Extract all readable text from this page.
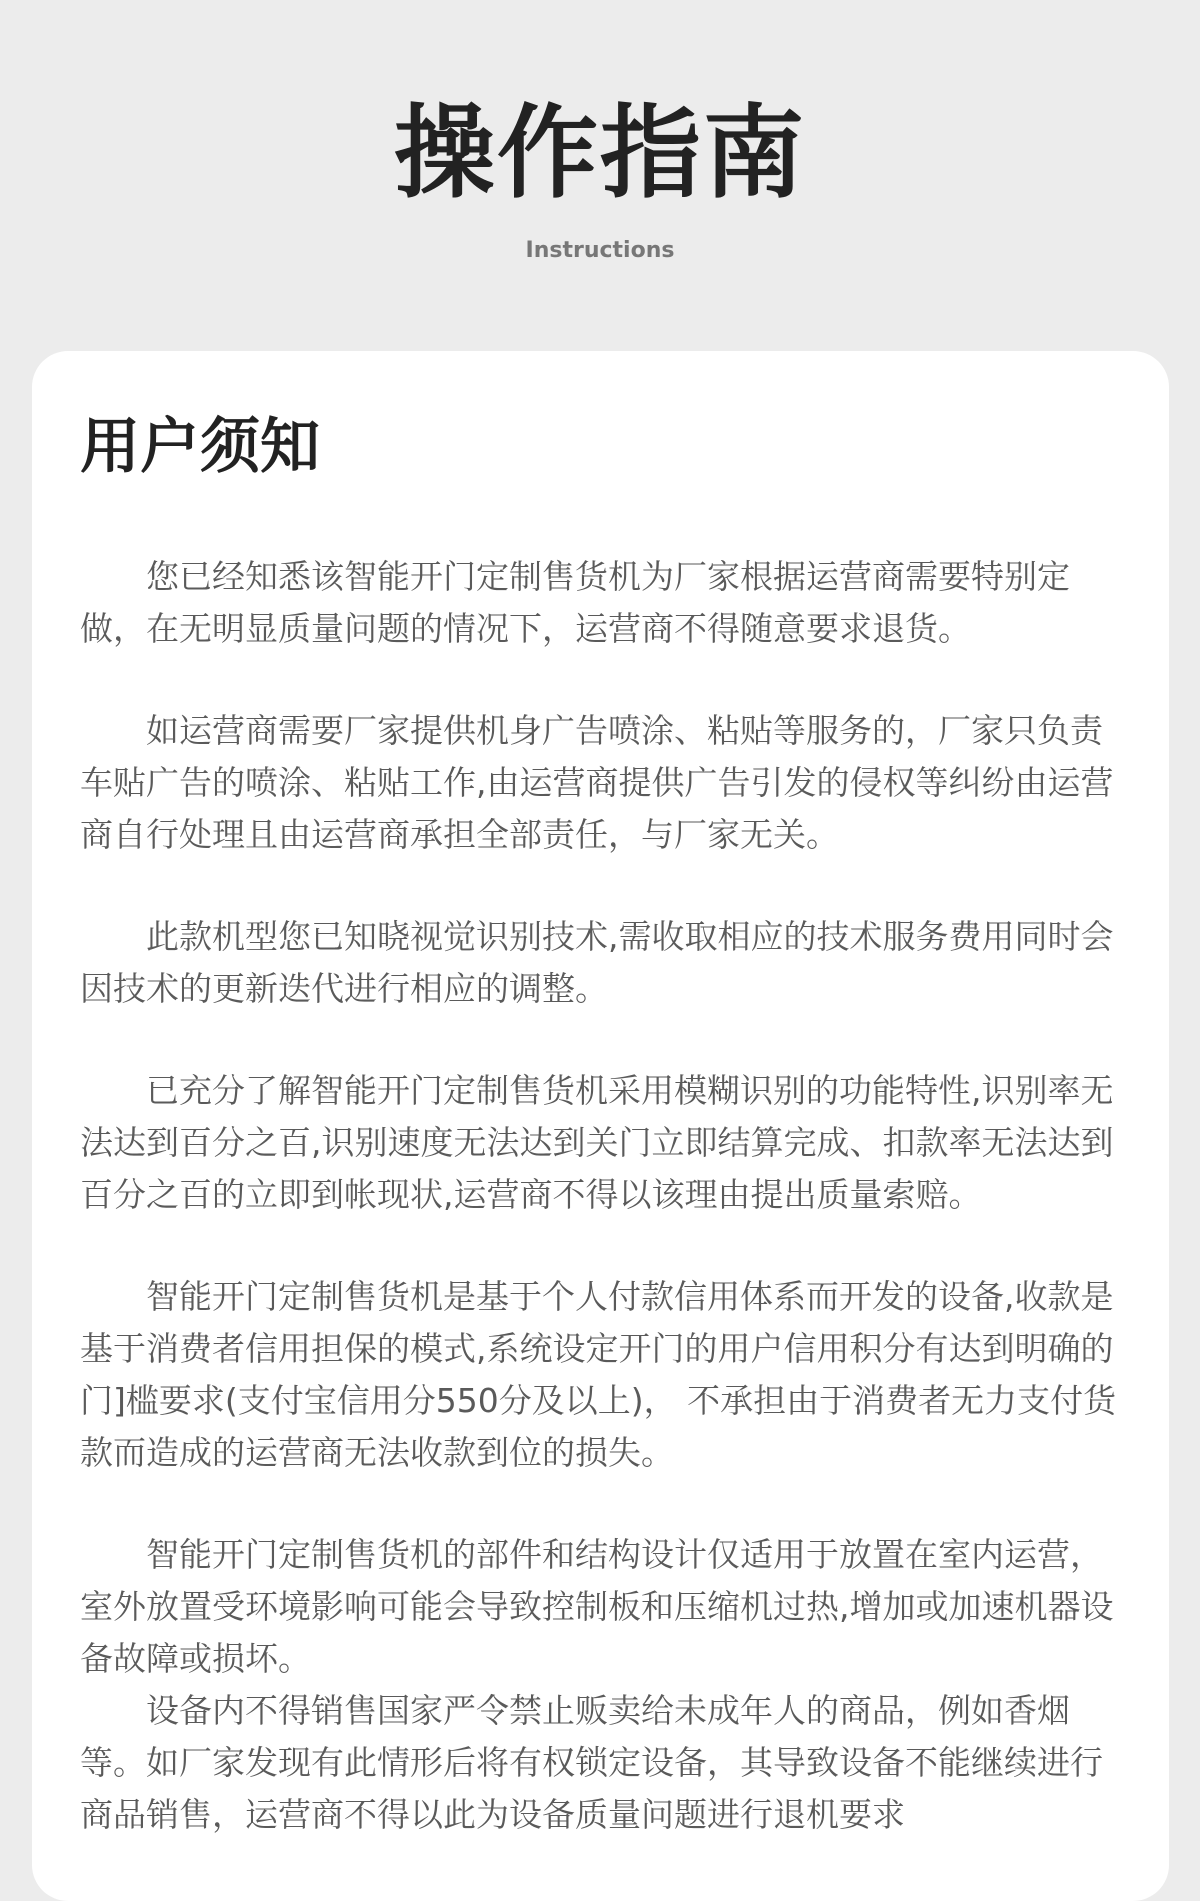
操作指南
Instructions
用户须知

您已经知悉该智能开门定制售货机为厂家根据运营商需要特别定做，在无明显质量问题的情况下，运营商不得随意要求退货。

如运营商需要厂家提供机身广告喷涂、粘贴等服务的，厂家只负责车贴广告的喷涂、粘贴工作,由运营商提供广告引发的侵权等纠纷由运营商自行处理且由运营商承担全部责任，与厂家无关。

此款机型您已知晓视觉识别技术,需收取相应的技术服务费用同时会因技术的更新迭代进行相应的调整。

已充分了解智能开门定制售货机采用模糊识别的功能特性,识别率无法达到百分之百,识别速度无法达到关门立即结算完成、扣款率无法达到百分之百的立即到帐现状,运营商不得以该理由提出质量索赔。

智能开门定制售货机是基于个人付款信用体系而开发的设备,收款是基于消费者信用担保的模式,系统设定开门的用户信用积分有达到明确的门]槛要求(支付宝信用分550分及以上)， 不承担由于消费者无力支付货款而造成的运营商无法收款到位的损失。

智能开门定制售货机的部件和结构设计仅适用于放置在室内运营，室外放置受环境影响可能会导致控制板和压缩机过热,增加或加速机器设备故障或损坏。

设备内不得销售国家严令禁止贩卖给未成年人的商品，例如香烟等。如厂家发现有此情形后将有权锁定设备，其导致设备不能继续进行商品销售，运营商不得以此为设备质量问题进行退机要求
